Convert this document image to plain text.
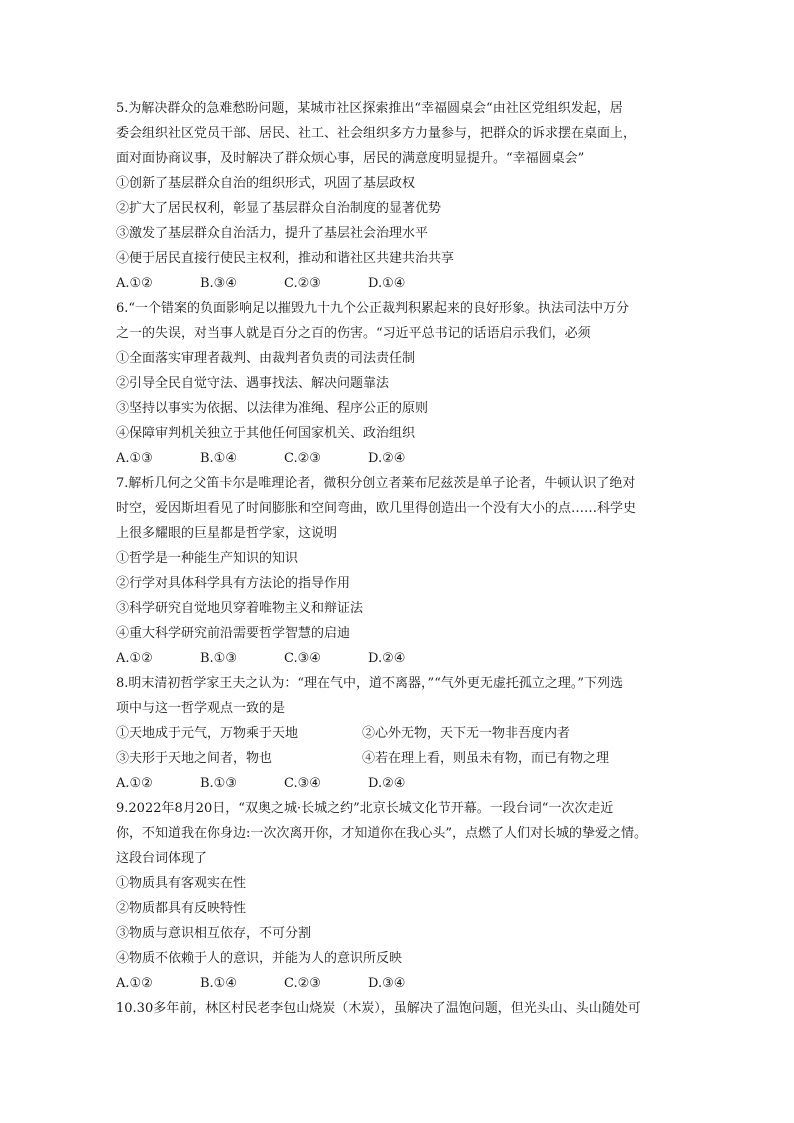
5.为解决群众的急难愁盼问题，某城市社区探索推出“幸福圆桌会“由社区党组织发起，居
委会组织社区党员干部、居民、社工、社会组织多方力量参与，把群众的诉求摆在桌面上，
面对面协商议事，及时解决了群众烦心事，居民的满意度明显提升。“幸福圆桌会”
①创新了基层群众自治的组织形式，巩固了基层政权
②扩大了居民权利，彰显了基层群众自治制度的显著优势
③激发了基层群众自治活力，提升了基层社会治理水平
④便于居民直接行使民主权利，推动和谐社区共建共治共享
A.①②	B.③④	C.②③	D.①④
6.“一个错案的负面影响足以摧毁九十九个公正裁判积累起来的良好形象。执法司法中万分
之一的失误，对当事人就是百分之百的伤害。“习近平总书记的话语启示我们，必须
①全面落实审理者裁判、由裁判者负责的司法责任制
②引导全民自觉守法、遇事找法、解决问题靠法
③坚持以事实为依据、以法律为准绳、程序公正的原则
④保障审判机关独立于其他任何国家机关、政治组织
A.①③	B.①④	C.②③	D.②④
7.解析几何之父笛卡尔是唯理论者，微积分创立者莱布尼兹茨是单子论者，牛顿认识了绝对
时空，爱因斯坦看见了时间膨胀和空间弯曲，欧几里得创造出一个没有大小的点……科学史
上很多耀眼的巨星都是哲学家，这说明
①哲学是一种能生产知识的知识
②行学对具体科学具有方法论的指导作用
③科学研究自觉地贝穿着唯物主义和辩证法
④重大科学研究前沿需要哲学智慧的启迪
A.①②	B.①③	C.③④	D.②④
8.明末清初哲学家王夫之认为：“理在气中，道不离器，”“气外更无虚托孤立之理。”下列选
项中与这一哲学观点一致的是
①天地成于元气，万物乘于天地	②心外无物，天下无一物非吾度内者
③夫形于天地之间者，物也	④若在理上看，则虽未有物，而已有物之理
A.①②	B.①③	C.③④	D.②④
9.2022年8月20日，“双奥之城·长城之约”北京长城文化节开幕。一段台词“一次次走近
你，不知道我在你身边:一次次离开你，才知道你在我心头”，点燃了人们对长城的挚爱之情。
这段台词体现了
①物质具有客观实在性
②物质都具有反映特性
③物质与意识相互依存，不可分割
④物质不依赖于人的意识，并能为人的意识所反映
A.①②	B.①④	C.②③	D.③④
10.30多年前，林区村民老李包山烧炭（木炭），虽解决了温饱问题，但光头山、头山随处可
